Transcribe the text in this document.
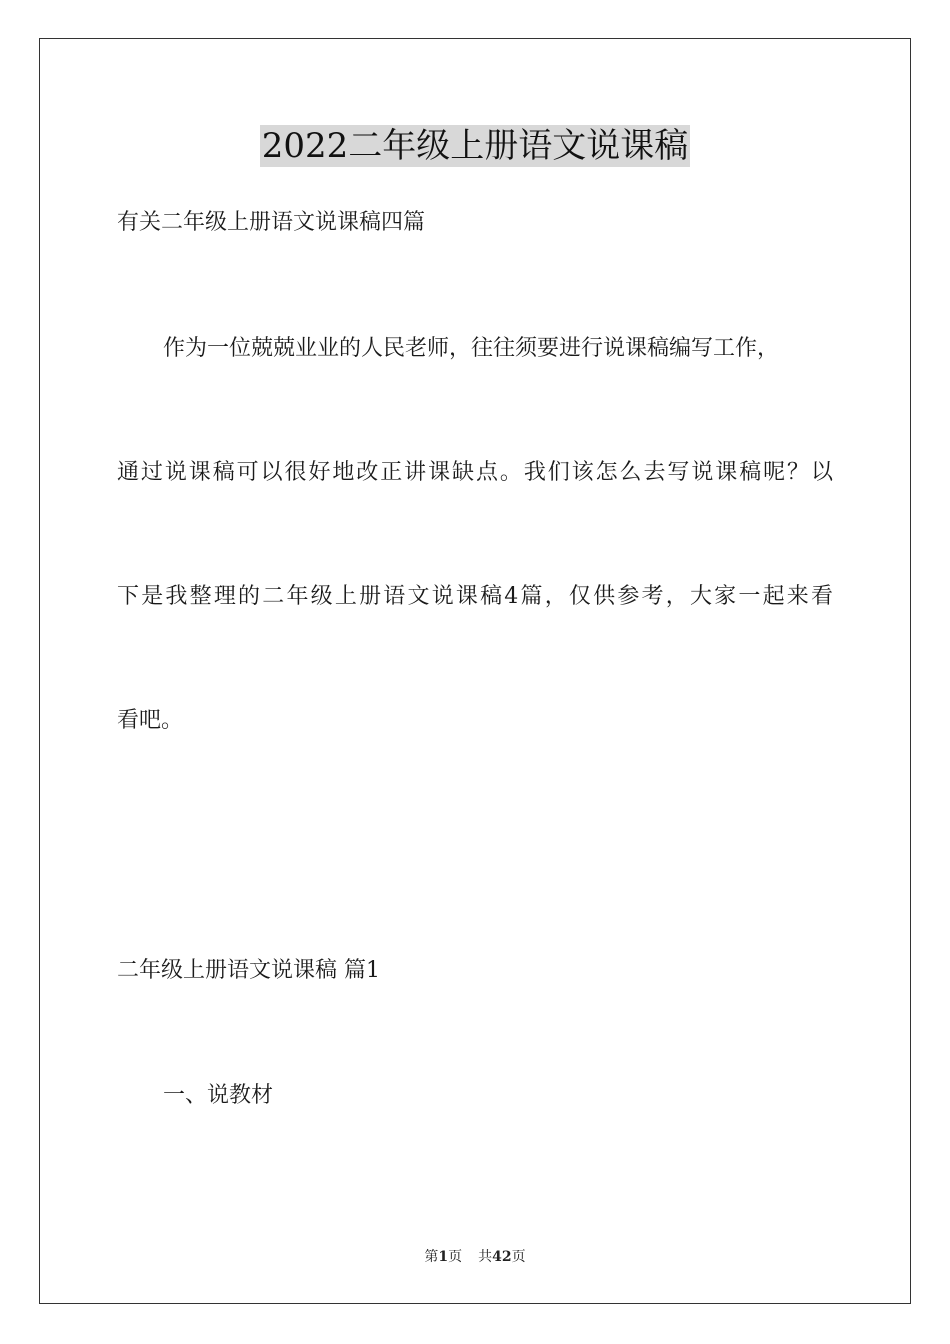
2022二年级上册语文说课稿
有关二年级上册语文说课稿四篇
作为一位兢兢业业的人民老师，往往须要进行说课稿编写工作，
通过说课稿可以很好地改正讲课缺点。我们该怎么去写说课稿呢？以
下是我整理的二年级上册语文说课稿4篇，仅供参考，大家一起来看
看吧。
二年级上册语文说课稿 篇1
一、说教材
第1页 共42页
